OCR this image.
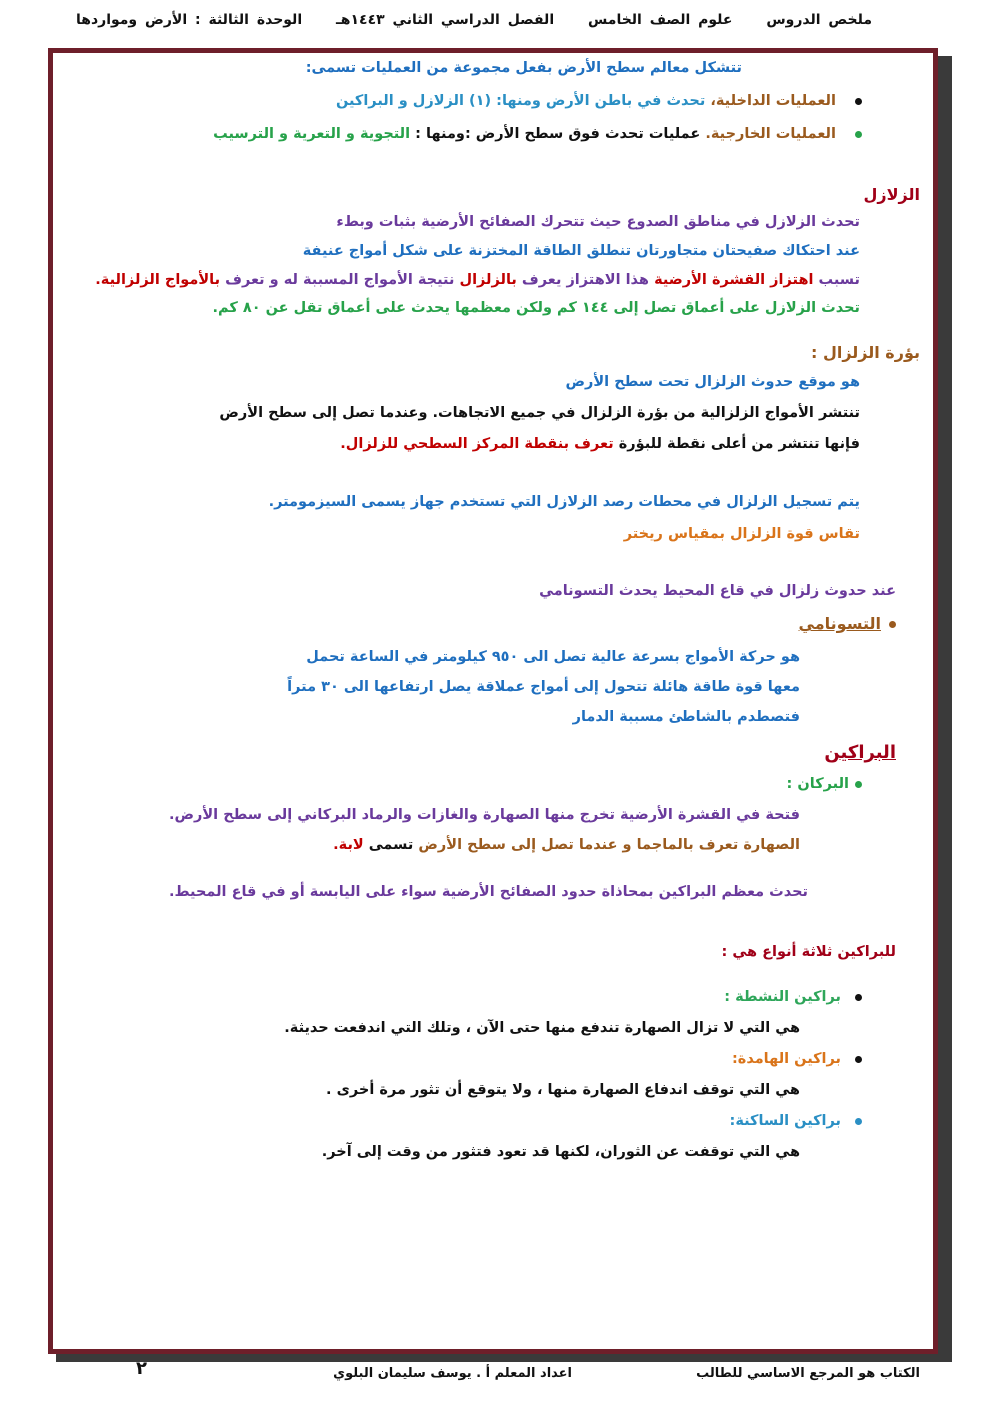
ملخص الدروس علوم الصف الخامس الفصل الدراسي الثاني ١٤٤٣هـ الوحدة الثالثة : الأرض ومواردها
تتشكل معالم سطح الأرض بفعل مجموعة من العمليات تسمى:
العمليات الداخلية، تحدث في باطن الأرض ومنها: (١) الزلازل و البراكين
العمليات الخارجية. عمليات تحدث فوق سطح الأرض :ومنها : التجوية و التعرية و الترسيب
الزلازل
تحدث الزلازل في مناطق الصدوع حيث تتحرك الصفائح الأرضية بثبات وبطء
عند احتكاك صفيحتان متجاورتان تنطلق الطاقة المختزنة على شكل أمواج عنيفة
تسبب اهتزاز القشرة الأرضية هذا الاهتزاز يعرف بالزلزال نتيجة الأمواج المسببة له و تعرف بالأمواج الزلزالية.
تحدث الزلازل على أعماق تصل إلى ١٤٤ كم ولكن معظمها يحدث على أعماق تقل عن ٨٠ كم.
بؤرة الزلزال :
هو موقع حدوث الزلزال تحت سطح الأرض
تنتشر الأمواج الزلزالية من بؤرة الزلزال في جميع الاتجاهات. وعندما تصل إلى سطح الأرض
فإنها تنتشر من أعلى نقطة للبؤرة تعرف بنقطة المركز السطحي للزلزال.
يتم تسجيل الزلزال في محطات رصد الزلازل التي تستخدم جهاز يسمى السيزمومتر.
تقاس قوة الزلزال بمقياس ريختر
عند حدوث زلزال في قاع المحيط يحدث التسونامي
التسونامي
هو حركة الأمواج بسرعة عالية تصل الى ٩٥٠ كيلومتر في الساعة تحمل
معها قوة طاقة هائلة تتحول إلى أمواج عملاقة يصل ارتفاعها الى ٣٠ متراً
فتصطدم بالشاطئ مسببة الدمار
البراكين
البركان :
فتحة في القشرة الأرضية تخرج منها الصهارة والغازات والرماد البركاني إلى سطح الأرض.
الصهارة تعرف بالماجما و عندما تصل إلى سطح الأرض تسمى لابة.
تحدث معظم البراكين بمحاذاة حدود الصفائح الأرضية سواء على اليابسة أو في قاع المحيط.
للبراكين ثلاثة أنواع هي :
براكين النشطة :
هي التي لا تزال الصهارة تندفع منها حتى الآن ، وتلك التي اندفعت حديثة.
براكين الهامدة:
هي التي توقف اندفاع الصهارة منها ، ولا يتوقع أن تثور مرة أخرى .
براكين الساكنة:
هي التي توقفت عن الثوران، لكنها قد تعود فتثور من وقت إلى آخر.
الكتاب هو المرجع الاساسي للطالب
اعداد المعلم أ . يوسف سليمان البلوي
٢
